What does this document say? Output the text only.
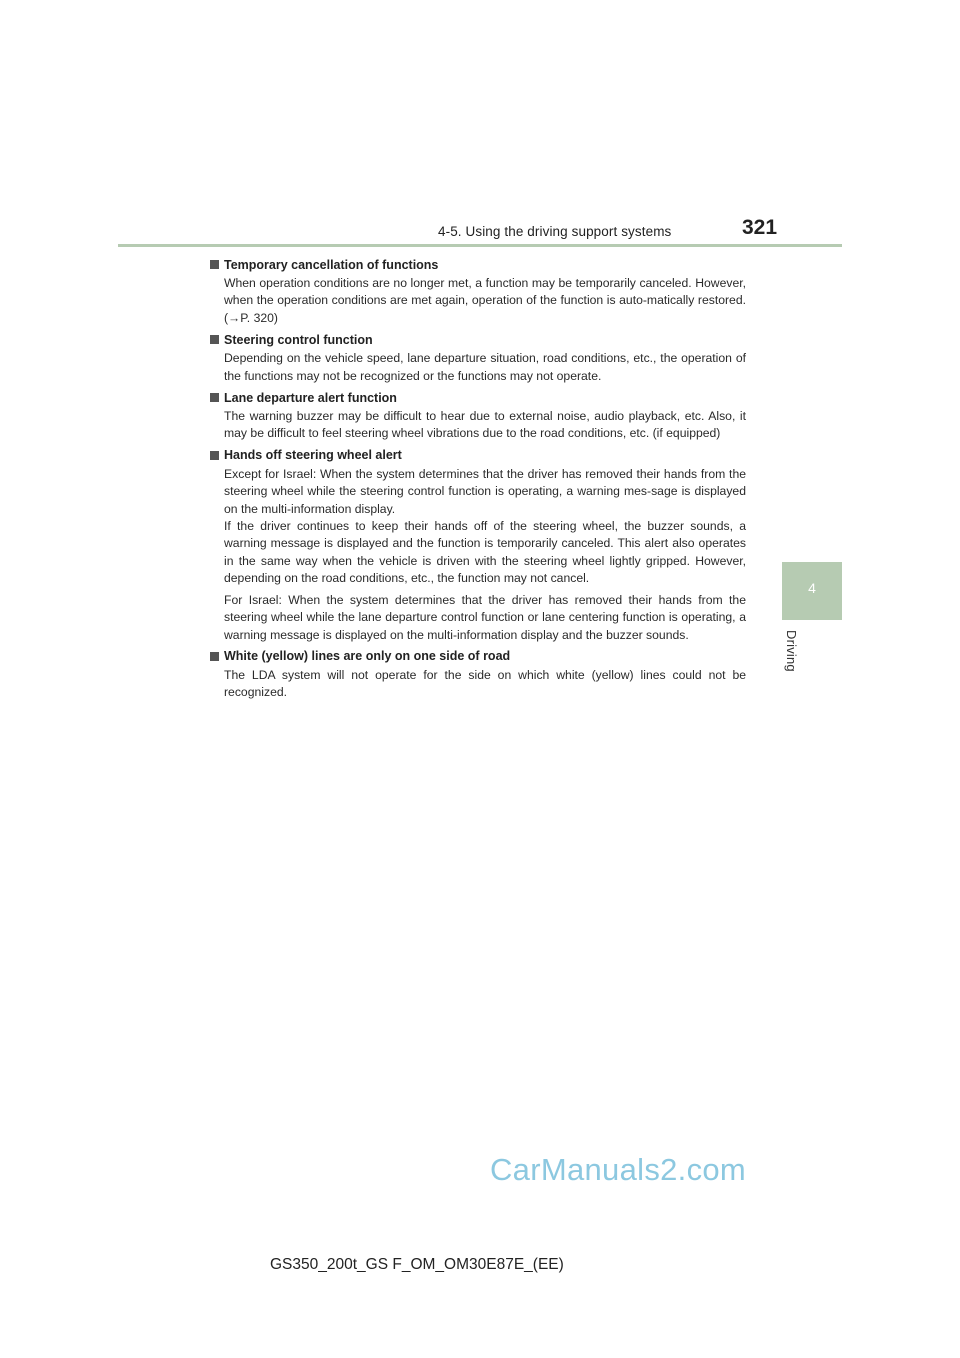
4-5. Using the driving support systems	321
4
Driving
Temporary cancellation of functions

When operation conditions are no longer met, a function may be temporarily canceled. However, when the operation conditions are met again, operation of the function is auto-matically restored. (→P. 320)

Steering control function

Depending on the vehicle speed, lane departure situation, road conditions, etc., the operation of the functions may not be recognized or the functions may not operate.

Lane departure alert function

The warning buzzer may be difficult to hear due to external noise, audio playback, etc. Also, it may be difficult to feel steering wheel vibrations due to the road conditions, etc. (if equipped)

Hands off steering wheel alert

Except for Israel: When the system determines that the driver has removed their hands from the steering wheel while the steering control function is operating, a warning mes-sage is displayed on the multi-information display.

If the driver continues to keep their hands off of the steering wheel, the buzzer sounds, a warning message is displayed and the function is temporarily canceled. This alert also operates in the same way when the vehicle is driven with the steering wheel lightly gripped. However, depending on the road conditions, etc., the function may not cancel.

For Israel: When the system determines that the driver has removed their hands from the steering wheel while the lane departure control function or lane centering function is operating, a warning message is displayed on the multi-information display and the buzzer sounds.

White (yellow) lines are only on one side of road

The LDA system will not operate for the side on which white (yellow) lines could not be recognized.

CarManuals2.com
GS350_200t_GS F_OM_OM30E87E_(EE)
